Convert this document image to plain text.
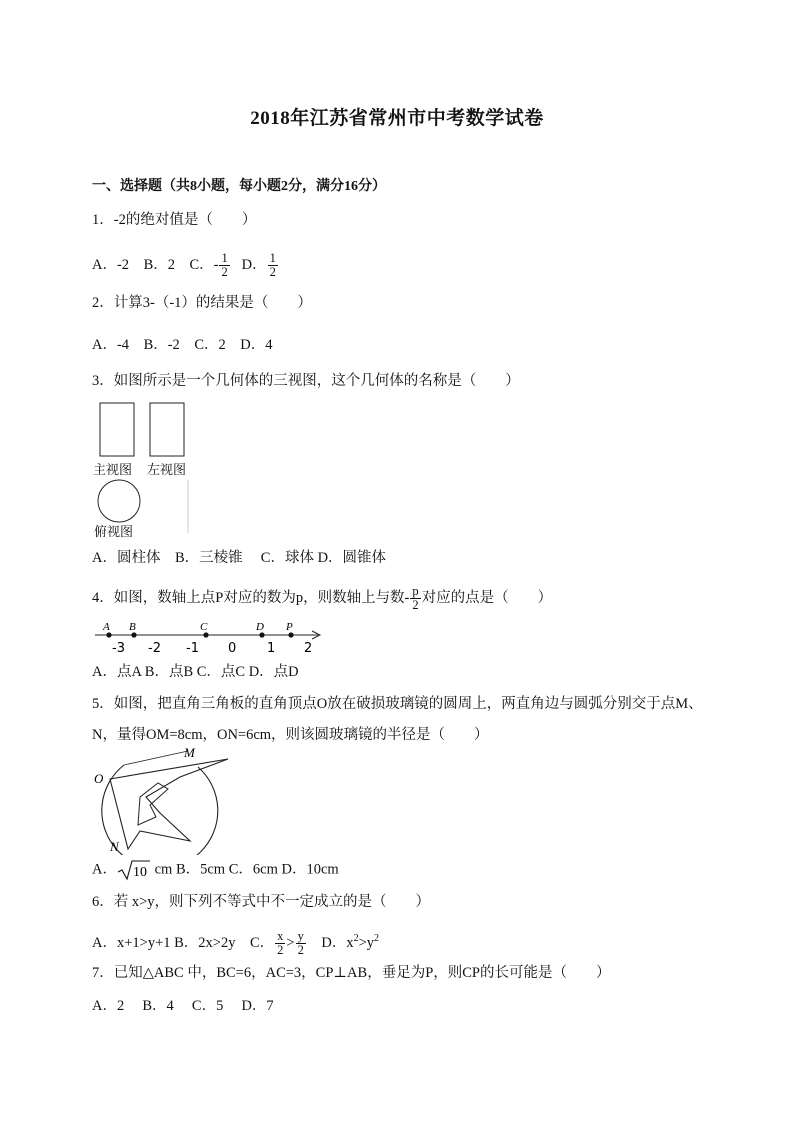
2018年江苏省常州市中考数学试卷
一、选择题（共8小题，每小题2分，满分16分）
1．-2的绝对值是（　　）
A．-2 B．2 C．- $\frac{1}{2}$ D． $\frac{1}{2}$
2．计算3-（-1）的结果是（　　）
A．-4 B．-2 C．2 D．4
3．如图所示是一个几何体的三视图，这个几何体的名称是（　　）
主视图 左视图
俯视图
A．圆柱体　B．三棱锥　 C．球体 D．圆锥体
4．如图，数轴上点P对应的数为p，则数轴上与数- $\frac{p}{2}$ 对应的点是（　　）
A B	C	D P
-3 -2 -1 0 1 2
A．点A B．点B C．点C D．点D
5．如图，把直角三角板的直角顶点O放在破损玻璃镜的圆周上，两直角边与圆弧分别交于点M、
N，量得OM=8cm，ON=6cm，则该圆玻璃镜的半径是（　　）
O
M
N
A． 10 cm B．5cm C．6cm D．10cm
6．若 x>y，则下列不等式中不一定成立的是（　　）
A．x+1>y+1 B．2x>2y　C． $\frac{x}{2} > \frac{y}{2}$ 　D．$x^2>y^2$
7．已知△ABC 中，BC=6，AC=3，CP⊥AB，垂足为P，则CP的长可能是（　　）
A．2　 B．4　 C．5　 D．7
